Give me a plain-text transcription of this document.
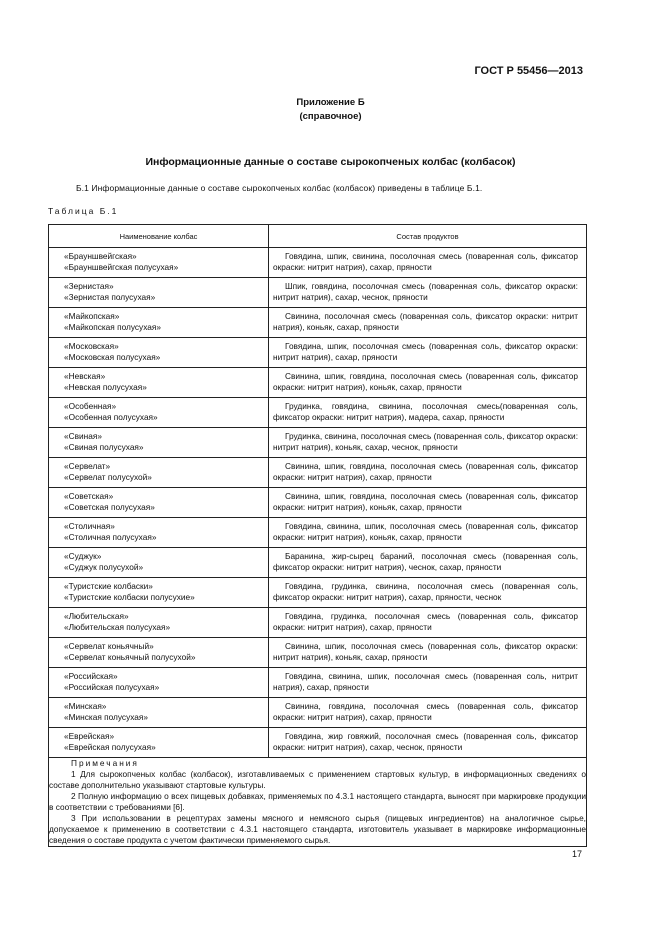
ГОСТ Р 55456—2013
Приложение Б
(справочное)
Информационные данные о составе сырокопченых колбас (колбасок)
Б.1 Информационные данные о составе сырокопченых колбас (колбасок) приведены в таблице Б.1.
Таблица Б.1
Наименование колбас	Состав продуктов

«Брауншвейгская»
«Брауншвейгская полусухая»	Говядина, шпик, свинина, посолочная смесь (поваренная соль, фиксатор окраски: нитрит натрия), сахар, пряности

«Зернистая»
«Зернистая полусухая»	Шпик, говядина, посолочная смесь (поваренная соль, фиксатор окраски: нитрит натрия), сахар, чеснок, пряности

«Майкопская»
«Майкопская полусухая»	Свинина, посолочная смесь (поваренная соль, фиксатор окраски: нитрит натрия), коньяк, сахар, пряности

«Московская»
«Московская полусухая»	Говядина, шпик, посолочная смесь (поваренная соль, фиксатор окраски: нитрит натрия), сахар, пряности

«Невская»
«Невская полусухая»	Свинина, шпик, говядина, посолочная смесь (поваренная соль, фиксатор окраски: нитрит натрия), коньяк, сахар, пряности

«Особенная»
«Особенная полусухая»	Грудинка, говядина, свинина, посолочная смесь(поваренная соль, фиксатор окраски: нитрит натрия), мадера, сахар, пряности

«Свиная»
«Свиная полусухая»	Грудинка, свинина, посолочная смесь (поваренная соль, фиксатор окраски: нитрит натрия), коньяк, сахар, чеснок, пряности

«Сервелат»
«Сервелат полусухой»	Свинина, шпик, говядина, посолочная смесь (поваренная соль, фиксатор окраски: нитрит натрия), сахар, пряности

«Советская»
«Советская полусухая»	Свинина, шпик, говядина, посолочная смесь (поваренная соль, фиксатор окраски: нитрит натрия), коньяк, сахар, пряности

«Столичная»
«Столичная полусухая»	Говядина, свинина, шпик, посолочная смесь (поваренная соль, фиксатор окраски: нитрит натрия), коньяк, сахар, пряности

«Суджук»
«Суджук полусухой»	Баранина, жир-сырец бараний, посолочная смесь (поваренная соль, фиксатор окраски: нитрит натрия), чеснок, сахар, пряности

«Туристские колбаски»
«Туристские колбаски полусухие»	Говядина, грудинка, свинина, посолочная смесь (поваренная соль, фиксатор окраски: нитрит натрия), сахар, пряности, чеснок

«Любительская»
«Любительская полусухая»	Говядина, грудинка, посолочная смесь (поваренная соль, фиксатор окраски: нитрит натрия), сахар, пряности

«Сервелат коньячный»
«Сервелат коньячный полусухой»	Свинина, шпик, посолочная смесь (поваренная соль, фиксатор окраски: нитрит натрия), коньяк, сахар, пряности

«Российская»
«Российская полусухая»	Говядина, свинина, шпик, посолочная смесь (поваренная соль, нитрит натрия), сахар, пряности

«Минская»
«Минская полусухая»	Свинина, говядина, посолочная смесь (поваренная соль, фиксатор окраски: нитрит натрия), сахар, пряности

«Еврейская»
«Еврейская полусухая»	Говядина, жир говяжий, посолочная смесь (поваренная соль, фиксатор окраски: нитрит натрия), сахар, чеснок, пряности

Примечания
1 Для сырокопченых колбас (колбасок), изготавливаемых с применением стартовых культур, в информационных сведениях о составе дополнительно указывают стартовые культуры.
2 Полную информацию о всех пищевых добавках, применяемых по 4.3.1 настоящего стандарта, выносят при маркировке продукции в соответствии с требованиями [6].
3 При использовании в рецептурах замены мясного и немясного сырья (пищевых ингредиентов) на аналогичное сырье, допускаемое к применению в соответствии с 4.3.1 настоящего стандарта, изготовитель указывает в маркировке информационные сведения о составе продукта с учетом фактически применяемого сырья.	
17
